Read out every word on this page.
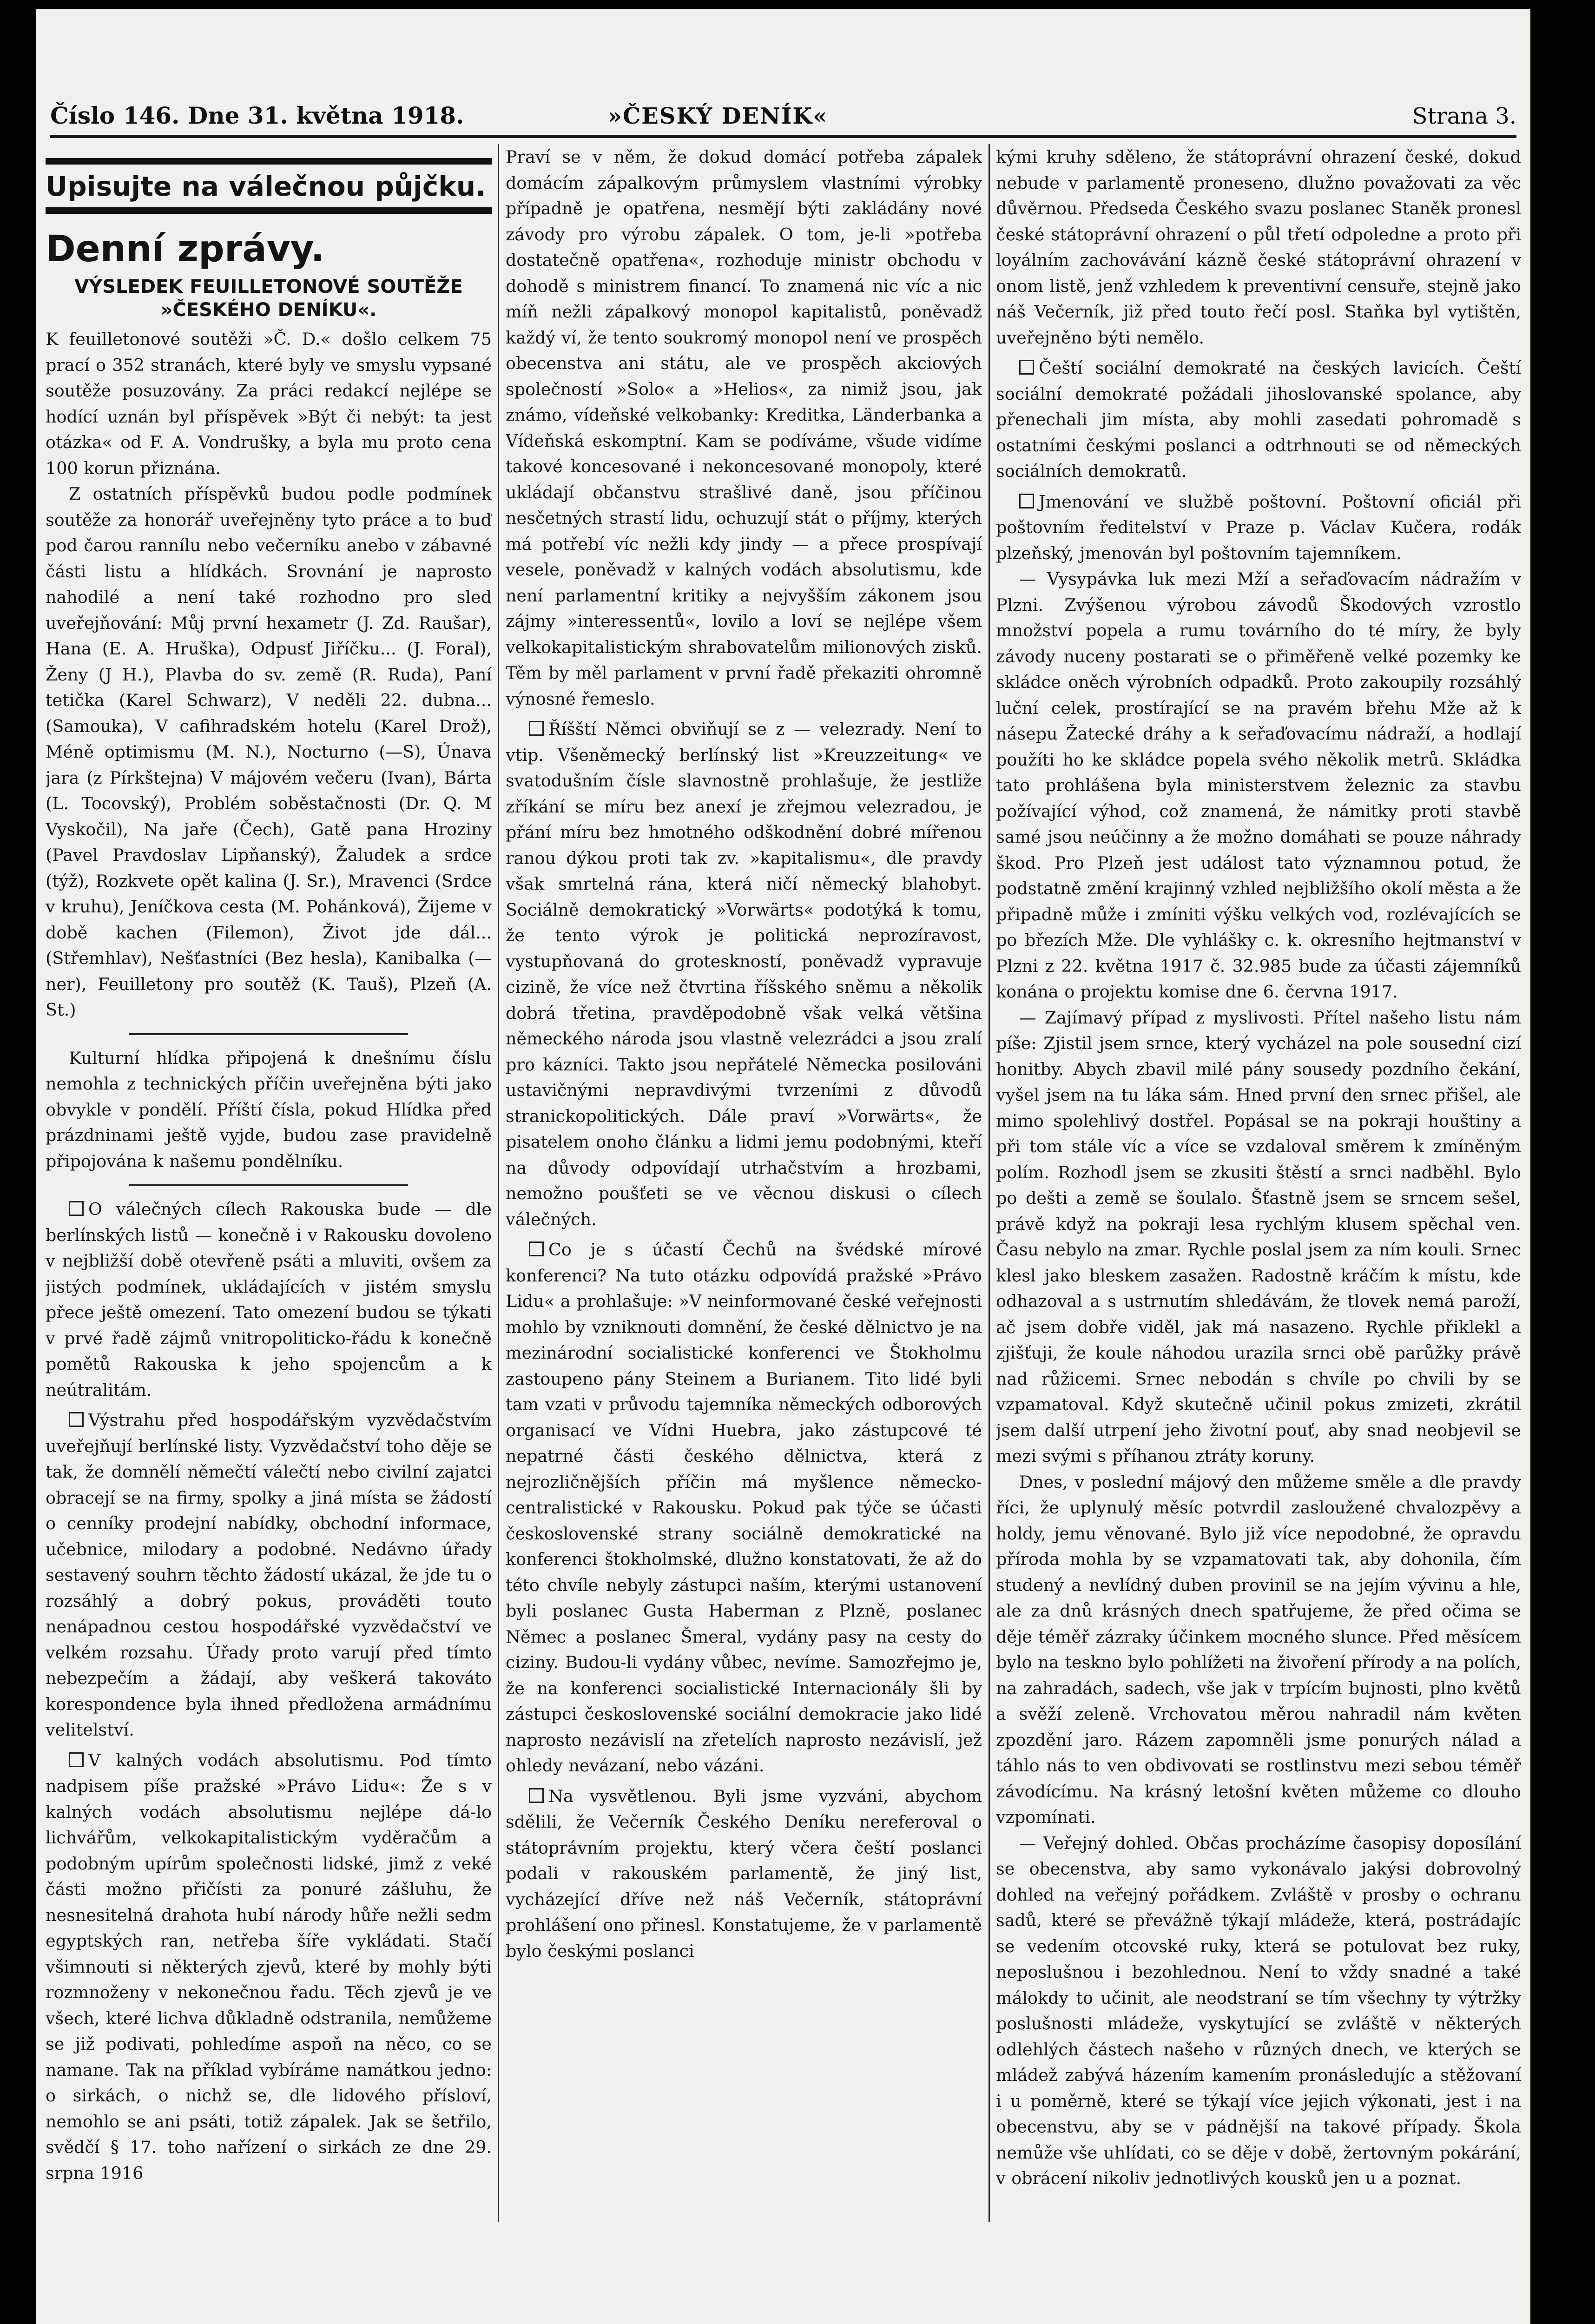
Číslo 146. Dne 31. května 1918.	»ČESKÝ DENÍK«	Strana 3.
Upisujte na válečnou půjčku.
Denní zprávy.
VÝSLEDEK FEUILLETONOVÉ SOUTĚŽE »ČESKÉHO DENÍKU«.

K feuilletonové soutěži »Č. D.« došlo celkem 75 prací o 352 stranách, které byly ve smyslu vypsané soutěže posuzovány. Za práci redakcí nejlépe se hodící uznán byl příspěvek »Být či nebýt: ta jest otázka« od F. A. Vondrušky, a byla mu proto cena 100 korun přiznána.

Z ostatních příspěvků budou podle podmínek soutěže za honorář uveřejněny tyto práce a to buď pod čarou rannílu nebo večerníku anebo v zábavné části listu a hlídkách. Srovnání je naprosto nahodilé a není také rozhodno pro sled uveřejňování: Můj první hexametr (J. Zd. Raušar), Hana (E. A. Hruška), Odpusť Jiříčku... (J. Foral), Ženy (J H.), Plavba do sv. země (R. Ruda), Paní tetička (Karel Schwarz), V neděli 22. dubna... (Samouka), V cafihradském hotelu (Karel Drož), Méně optimismu (M. N.), Nocturno (—S), Únava jara (z Pírkštejna) V májovém večeru (Ivan), Bárta (L. Tocovský), Problém soběstačnosti (Dr. Q. M Vyskočil), Na jaře (Čech), Gatě pana Hroziny (Pavel Pravdoslav Lipňanský), Žaludek a srdce (týž), Rozkvete opět kalina (J. Sr.), Mravenci (Srdce v kruhu), Jeníčkova cesta (M. Pohánková), Žijeme v době kachen (Filemon), Život jde dál... (Střemhlav), Nešťastníci (Bez hesla), Kanibalka (—ner), Feuilletony pro soutěž (K. Tauš), Plzeň (A. St.)

Kulturní hlídka připojená k dnešnímu číslu nemohla z technických příčin uveřejněna býti jako obvykle v pondělí. Příští čísla, pokud Hlídka před prázdninami ještě vyjde, budou zase pravidelně připojována k našemu pondělníku.

O válečných cílech Rakouska bude — dle berlínských listů — konečně i v Rakousku dovoleno v nejbližší době otevřeně psáti a mluviti, ovšem za jistých podmínek, ukládajících v jistém smyslu přece ještě omezení. Tato omezení budou se týkati v prvé řadě zájmů vnitropoliticko-řádu k konečně pomětů Rakouska k jeho spojencům a k neútralitám.

Výstrahu před hospodářským vyzvědačstvím uveřejňují berlínské listy. Vyzvědačství toho děje se tak, že domnělí němečtí válečtí nebo civilní zajatci obracejí se na firmy, spolky a jiná místa se žádostí o cenníky prodejní nabídky, obchodní informace, učebnice, milodary a podobné. Nedávno úřady sestavený souhrn těchto žádostí ukázal, že jde tu o rozsáhlý a dobrý pokus, prováděti touto nenápadnou cestou hospodářské vyzvědačství ve velkém rozsahu. Úřady proto varují před tímto nebezpečím a žádají, aby veškerá takováto korespondence byla ihned předložena armádnímu velitelství.

V kalných vodách absolutismu. Pod tímto nadpisem píše pražské »Právo Lidu«: Že s v kalných vodách absolutismu nejlépe dá-lo lichvářům, velkokapitalistickým vyděračům a podobným upírům společnosti lidské, jimž z veké části možno přičísti za ponuré zášluhu, že nesnesitelná drahota hubí národy hůře nežli sedm egyptských ran, netřeba šíře vykládati. Stačí všimnouti si některých zjevů, které by mohly býti rozmnoženy v nekonečnou řadu. Těch zjevů je ve všech, které lichva důkladně odstranila, nemůžeme se již podivati, pohledíme aspoň na něco, co se namane. Tak na příklad vybíráme namátkou jedno: o sirkách, o nichž se, dle lidového přísloví, nemohlo se ani psáti, totiž zápalek. Jak se šetřilo, svědčí § 17. toho nařízení o sirkách ze dne 29. srpna 1916

Praví se v něm, že dokud domácí potřeba zápalek domácím zápalkovým průmyslem vlastními výrobky případně je opatřena, nesmějí býti zakládány nové závody pro výrobu zápalek. O tom, je-li »potřeba dostatečně opatřena«, rozhoduje ministr obchodu v dohodě s ministrem financí. To znamená nic víc a nic míň nežli zápalkový monopol kapitalistů, poněvadž každý ví, že tento soukromý monopol není ve prospěch obecenstva ani státu, ale ve prospěch akciových společností »Solo« a »Helios«, za nimiž jsou, jak známo, vídeňské velkobanky: Kreditka, Länderbanka a Vídeňská eskomptní. Kam se podíváme, všude vidíme takové koncesované i nekoncesované monopoly, které ukládají občanstvu strašlivé daně, jsou příčinou nesčetných strastí lidu, ochuzují stát o příjmy, kterých má potřebí víc nežli kdy jindy — a přece prospívají vesele, poněvadž v kalných vodách absolutismu, kde není parlamentní kritiky a nejvyšším zákonem jsou zájmy »interessentů«, lovilo a loví se nejlépe všem velkokapitalistickým shrabovatelům milionových zisků. Těm by měl parlament v první řadě překaziti ohromně výnosné řemeslo.

Říšští Němci obviňují se z — velezrady. Není to vtip. Všeněmecký berlínský list »Kreuzzeitung« ve svatodušním čísle slavnostně prohlašuje, že jestliže zříkání se míru bez anexí je zřejmou velezradou, je přání míru bez hmotného odškodnění dobré mířenou ranou dýkou proti tak zv. »kapitalismu«, dle pravdy však smrtelná rána, která ničí německý blahobyt. Sociálně demokratický »Vorwärts« podotýká k tomu, že tento výrok je politická neprozíravost, vystupňovaná do groteskností, poněvadž vypravuje cizině, že více než čtvrtina říšského sněmu a několik dobrá třetina, pravděpodobně však velká většina německého národa jsou vlastně velezrádci a jsou zralí pro kázníci. Takto jsou nepřátelé Německa posilováni ustavičnými nepravdivými tvrzeními z důvodů stranickopolitických. Dále praví »Vorwärts«, že pisatelem onoho článku a lidmi jemu podobnými, kteří na důvody odpovídají utrhačstvím a hrozbami, nemožno poušťeti se ve věcnou diskusi o cílech válečných.

Co je s účastí Čechů na švédské mírové konferenci? Na tuto otázku odpovídá pražské »Právo Lidu« a prohlašuje: »V neinformované české veřejnosti mohlo by vzniknouti domnění, že české dělnictvo je na mezinárodní socialistické konferenci ve Štokholmu zastoupeno pány Steinem a Burianem. Tito lidé byli tam vzati v průvodu tajemníka německých odborových organisací ve Vídni Huebra, jako zástupcové té nepatrné části českého dělnictva, která z nejrozličnějších příčin má myšlence německo-centralistické v Rakousku. Pokud pak týče se účasti československé strany sociálně demokratické na konferenci štokholmské, dlužno konstatovati, že až do této chvíle nebyly zástupci naším, kterými ustanovení byli poslanec Gusta Haberman z Plzně, poslanec Němec a poslanec Šmeral, vydány pasy na cesty do ciziny. Budou-li vydány vůbec, nevíme. Samozřejmo je, že na konferenci socialistické Internacionály šli by zástupci československé sociální demokracie jako lidé naprosto nezávislí na zřetelích naprosto nezávislí, jež ohledy nevázaní, nebo vázáni.

Na vysvětlenou. Byli jsme vyzváni, abychom sdělili, že Večerník Českého Deníku nereferoval o státoprávním projektu, který včera čeští poslanci podali v rakouském parlamentě, že jiný list, vycházející dříve než náš Večerník, státoprávní prohlášení ono přinesl. Konstatujeme, že v parlamentě bylo českými poslanci

kými kruhy sděleno, že státoprávní ohrazení české, dokud nebude v parlamentě proneseno, dlužno považovati za věc důvěrnou. Předseda Českého svazu poslanec Staněk pronesl české státoprávní ohrazení o půl třetí odpoledne a proto při loyálním zachovávání kázně české státoprávní ohrazení v onom listě, jenž vzhledem k preventivní censuře, stejně jako náš Večerník, již před touto řečí posl. Staňka byl vytištěn, uveřejněno býti nemělo.

Čeští sociální demokraté na českých lavicích. Čeští sociální demokraté požádali jihoslovanské spolance, aby přenechali jim místa, aby mohli zasedati pohromadě s ostatními českými poslanci a odtrhnouti se od německých sociálních demokratů.

Jmenování ve službě poštovní. Poštovní oficiál při poštovním ředitelství v Praze p. Václav Kučera, rodák plzeňský, jmenován byl poštovním tajemníkem.

— Vysypávka luk mezi Mží a seřaďovacím nádražím v Plzni. Zvýšenou výrobou závodů Škodových vzrostlo množství popela a rumu továrního do té míry, že byly závody nuceny postarati se o přiměřeně velké pozemky ke skládce oněch výrobních odpadků. Proto zakoupily rozsáhlý luční celek, prostírající se na pravém břehu Mže až k násepu Žatecké dráhy a k seřaďovacímu nádraží, a hodlají použíti ho ke skládce popela svého několik metrů. Skládka tato prohlášena byla ministerstvem železnic za stavbu požívající výhod, což znamená, že námitky proti stavbě samé jsou neúčinny a že možno domáhati se pouze náhrady škod. Pro Plzeň jest událost tato významnou potud, že podstatně změní krajinný vzhled nejbližšího okolí města a že připadně může i zmíniti výšku velkých vod, rozlévajících se po březích Mže. Dle vyhlášky c. k. okresního hejtmanství v Plzni z 22. května 1917 č. 32.985 bude za účasti zájemníků konána o projektu komise dne 6. června 1917.

— Zajímavý případ z myslivosti. Přítel našeho listu nám píše: Zjistil jsem srnce, který vycházel na pole sousední cizí honitby. Abych zbavil milé pány sousedy pozdního čekání, vyšel jsem na tu láka sám. Hned první den srnec přišel, ale mimo spolehlivý dostřel. Popásal se na pokraji houštiny a při tom stále víc a více se vzdaloval směrem k zmíněným polím. Rozhodl jsem se zkusiti štěstí a srnci nadběhl. Bylo po dešti a země se šoulalo. Šťastně jsem se srncem sešel, právě když na pokraji lesa rychlým klusem spěchal ven. Času nebylo na zmar. Rychle poslal jsem za ním kouli. Srnec klesl jako bleskem zasažen. Radostně kráčím k místu, kde odhazoval a s ustrnutím shledávám, že tlovek nemá paroží, ač jsem dobře viděl, jak má nasazeno. Rychle přiklekl a zjišťuji, že koule náhodou urazila srnci obě parůžky právě nad růžicemi. Srnec nebodán s chvíle po chvili by se vzpamatoval. Když skutečně učinil pokus zmizeti, zkrátil jsem další utrpení jeho životní pouť, aby snad neobjevil se mezi svými s příhanou ztráty koruny.

Dnes, v poslední májový den můžeme směle a dle pravdy říci, že uplynulý měsíc potvrdil zasloužené chvalozpěvy a holdy, jemu věnované. Bylo již více nepodobné, že opravdu příroda mohla by se vzpamatovati tak, aby dohonila, čím studený a nevlídný duben provinil se na jejím vývinu a hle, ale za dnů krásných dnech spatřujeme, že před očima se děje téměř zázraky účinkem mocného slunce. Před měsícem bylo na teskno bylo pohlížeti na živoření přírody a na polích, na zahradách, sadech, vše jak v trpícím bujnosti, plno květů a svěží zeleně. Vrchovatou měrou nahradil nám květen zpozdění jaro. Rázem zapomněli jsme ponurých nálad a táhlo nás to ven obdivovati se rostlinstvu mezi sebou téměř závodícímu. Na krásný letošní květen můžeme co dlouho vzpomínati.

— Veřejný dohled. Občas procházíme časopisy doposílání se obecenstva, aby samo vykonávalo jakýsi dobrovolný dohled na veřejný pořádkem. Zvláště v prosby o ochranu sadů, které se převážně týkají mládeže, která, postrádajíc se vedením otcovské ruky, která se potulovat bez ruky, neposlušnou i bezohlednou. Není to vždy snadné a také málokdy to učinit, ale neodstraní se tím všechny ty výtržky poslušnosti mládeže, vyskytující se zvláště v některých odlehlých částech našeho v různých dnech, ve kterých se mládež zabývá házením kamením pronásledujíc a stěžovaní i u poměrně, které se týkají více jejich výkonati, jest i na obecenstvu, aby se v pádnější na takové případy. Škola nemůže vše uhlídati, co se děje v době, žertovným pokárání, v obrácení nikoliv jednotlivých kousků jen u a poznat.
